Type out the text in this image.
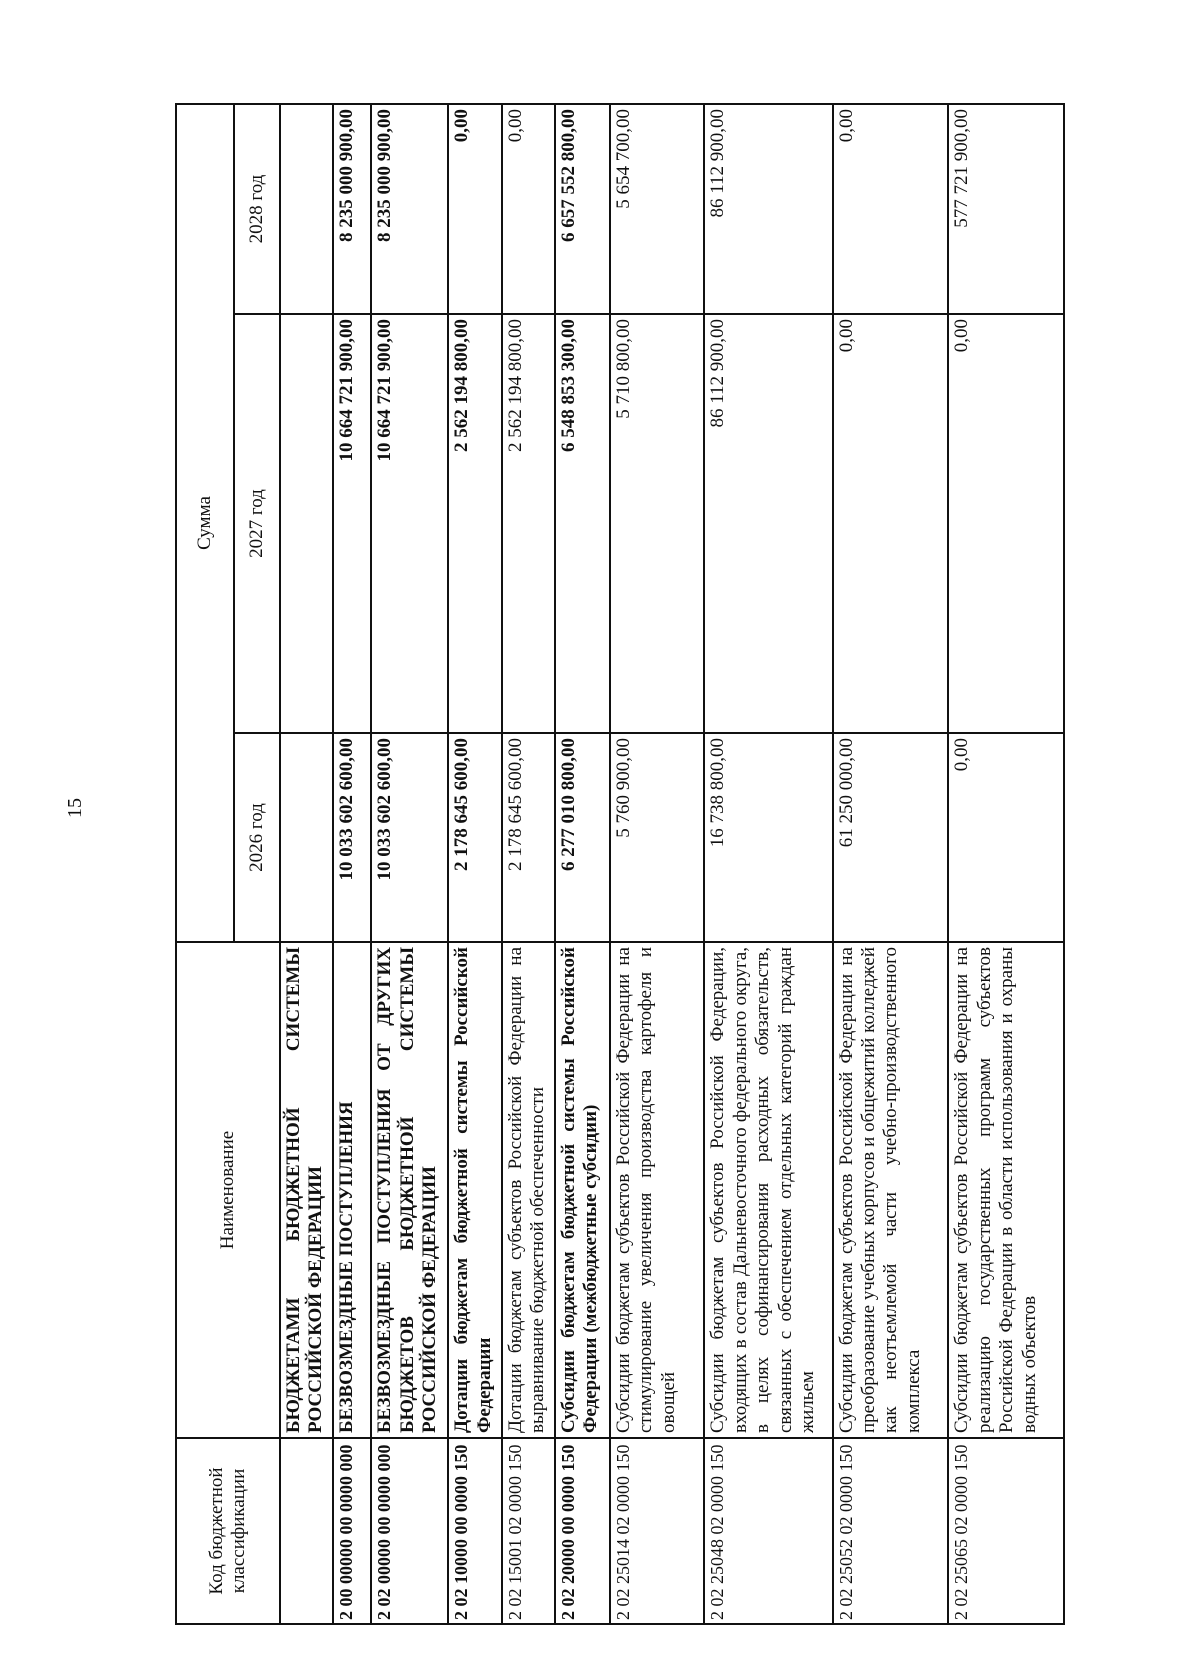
15
Код бюджетной классификации	Наименование	Сумма		
		2026 год	2027 год	2028 год
	БЮДЖЕТАМИ БЮДЖЕТНОЙ СИСТЕМЫ РОССИЙСКОЙ ФЕДЕРАЦИИ			
2 00 00000 00 0000 000	БЕЗВОЗМЕЗДНЫЕ ПОСТУПЛЕНИЯ	10 033 602 600,00	10 664 721 900,00	8 235 000 900,00
2 02 00000 00 0000 000	БЕЗВОЗМЕЗДНЫЕ ПОСТУПЛЕНИЯ ОТ ДРУГИХ БЮДЖЕТОВ БЮДЖЕТНОЙ СИСТЕМЫ РОССИЙСКОЙ ФЕДЕРАЦИИ	10 033 602 600,00	10 664 721 900,00	8 235 000 900,00
2 02 10000 00 0000 150	Дотации бюджетам бюджетной системы Российской Федерации	2 178 645 600,00	2 562 194 800,00	0,00
2 02 15001 02 0000 150	Дотации бюджетам субъектов Российской Федерации на выравнивание бюджетной обеспеченности	2 178 645 600,00	2 562 194 800,00	0,00
2 02 20000 00 0000 150	Субсидии бюджетам бюджетной системы Российской Федерации (межбюджетные субсидии)	6 277 010 800,00	6 548 853 300,00	6 657 552 800,00
2 02 25014 02 0000 150	Субсидии бюджетам субъектов Российской Федерации на стимулирование увеличения производства картофеля и овощей	5 760 900,00	5 710 800,00	5 654 700,00
2 02 25048 02 0000 150	Субсидии бюджетам субъектов Российской Федерации, входящих в состав Дальневосточного федерального округа, в целях софинансирования расходных обязательств, связанных с обеспечением отдельных категорий граждан жильем	16 738 800,00	86 112 900,00	86 112 900,00
2 02 25052 02 0000 150	Субсидии бюджетам субъектов Российской Федерации на преобразование учебных корпусов и общежитий колледжей как неотъемлемой части учебно-производственного комплекса	61 250 000,00	0,00	0,00
2 02 25065 02 0000 150	Субсидии бюджетам субъектов Российской Федерации на реализацию государственных программ субъектов Российской Федерации в области использования и охраны водных объектов	0,00	0,00	577 721 900,00
